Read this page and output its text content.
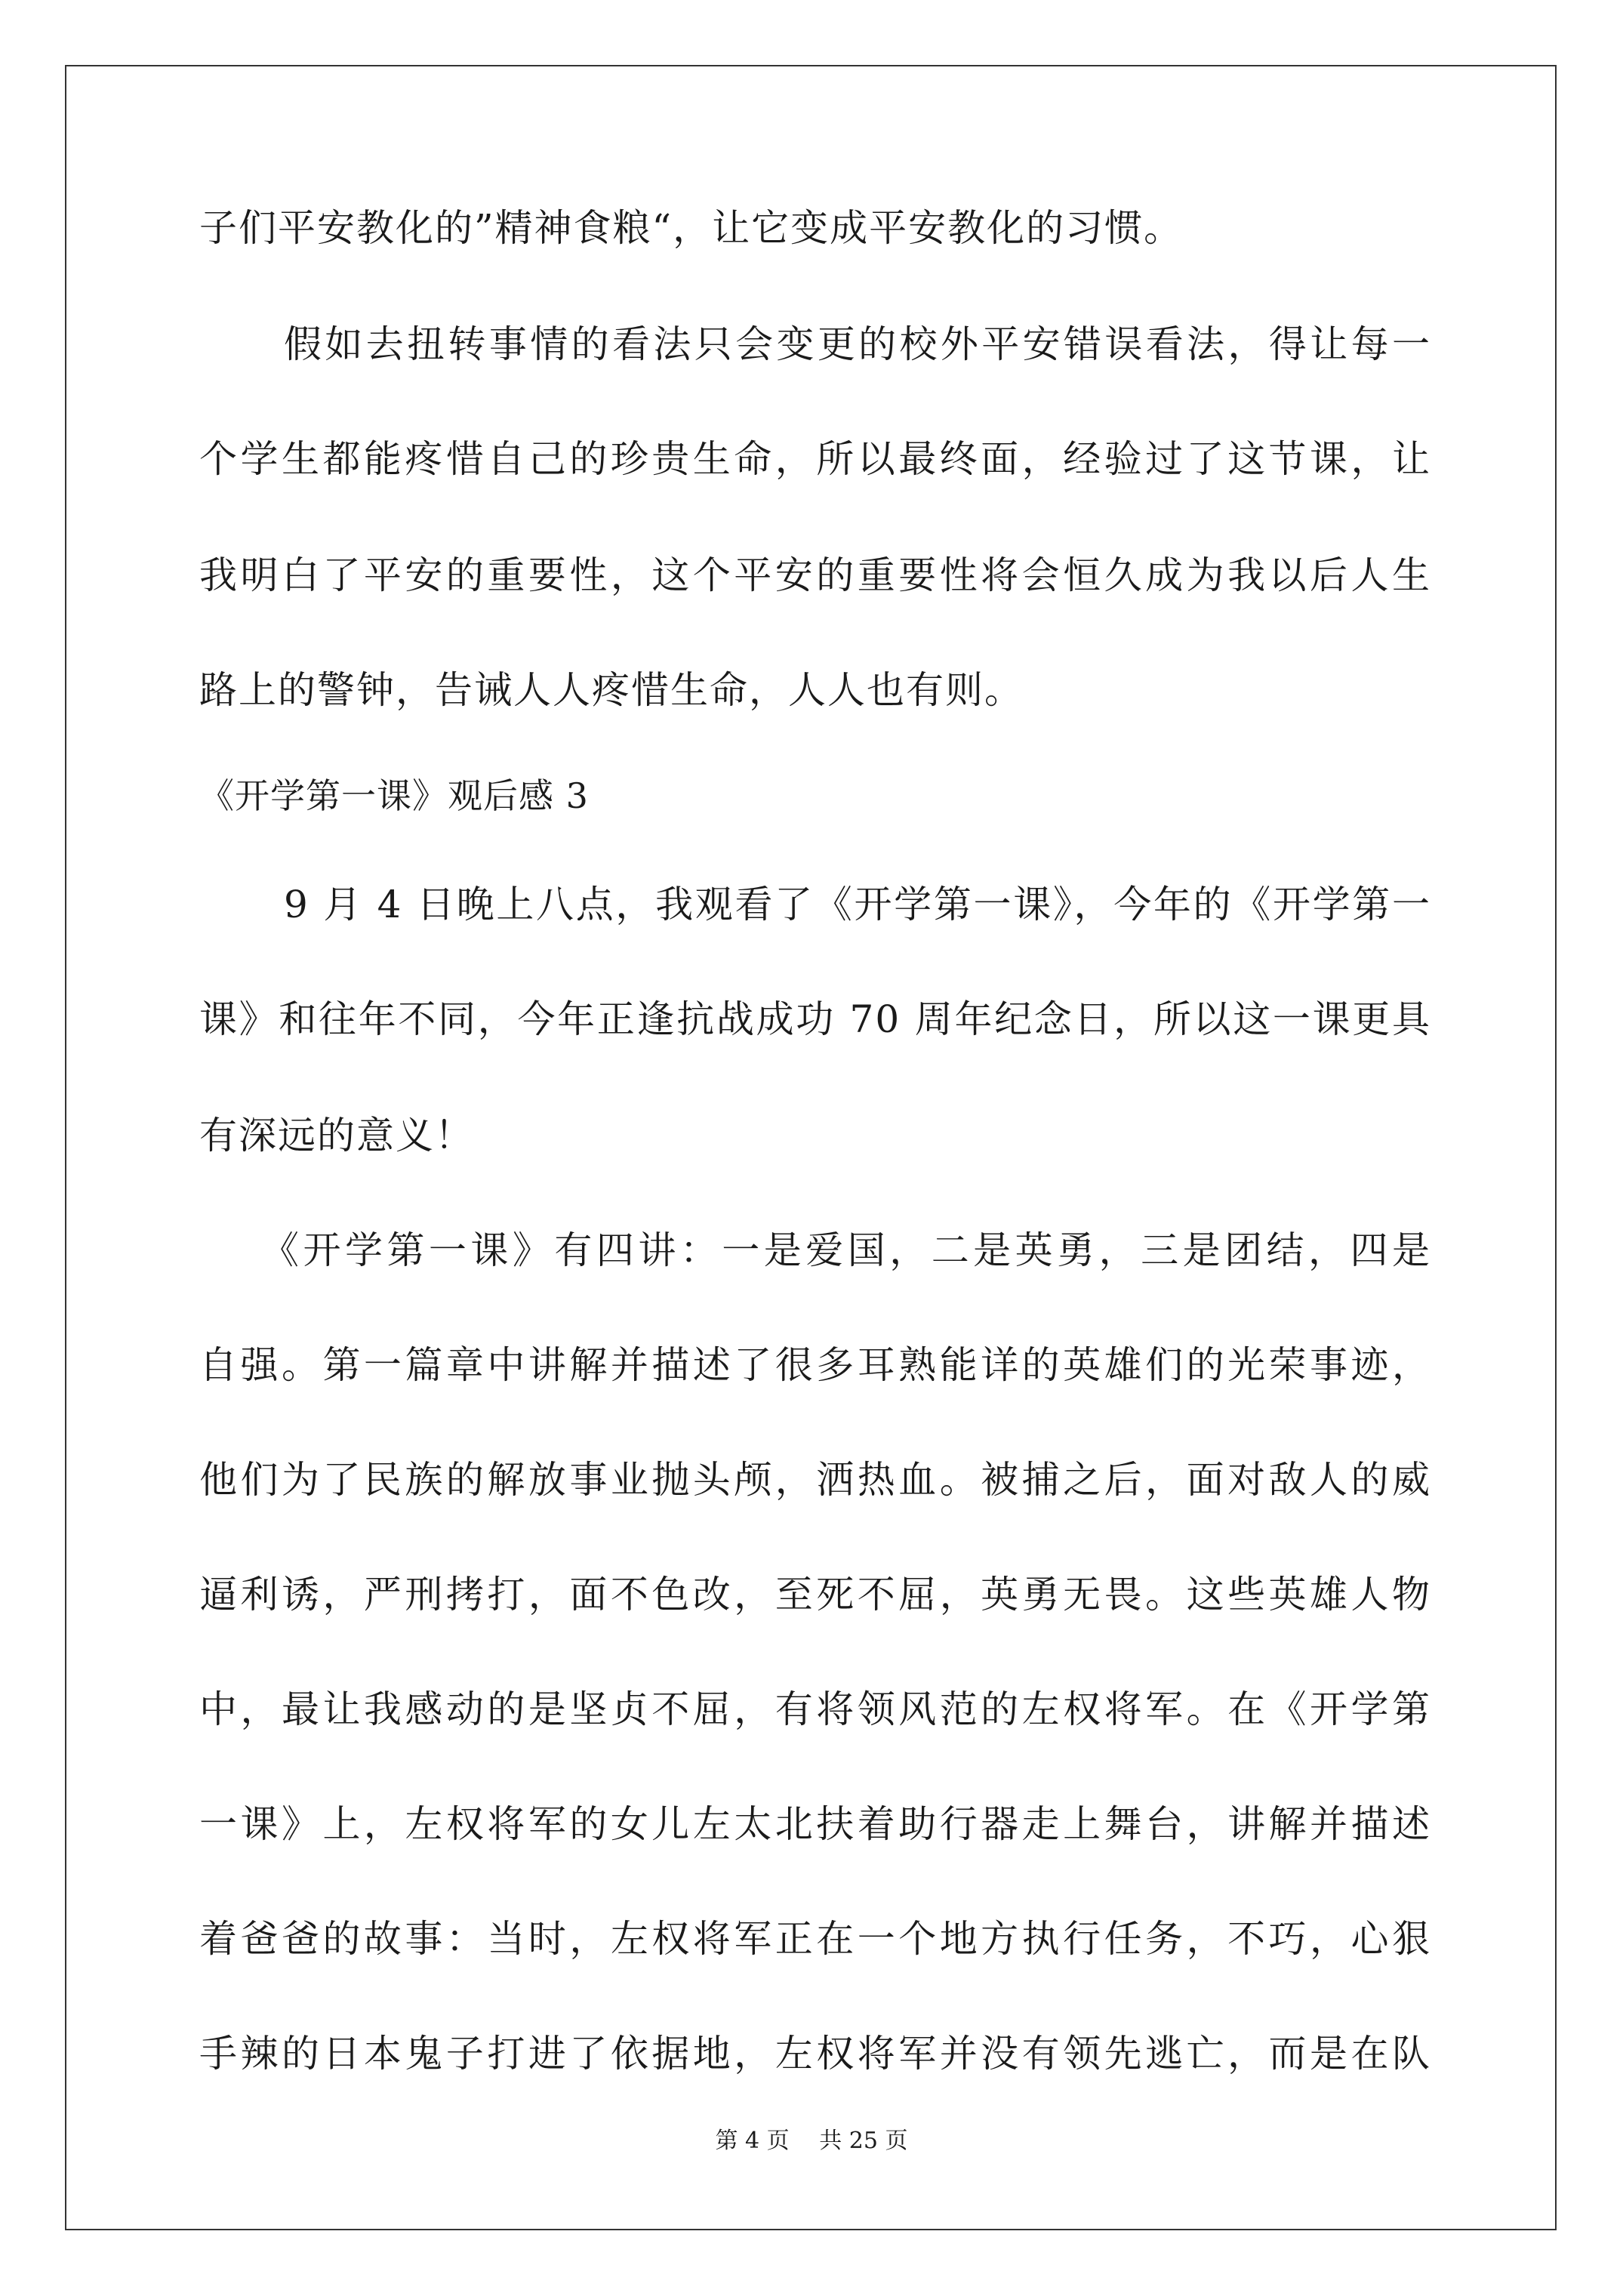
子们平安教化的”精神食粮“，让它变成平安教化的习惯。
假如去扭转事情的看法只会变更的校外平安错误看法，得让每一
个学生都能疼惜自己的珍贵生命，所以最终面，经验过了这节课，让
我明白了平安的重要性，这个平安的重要性将会恒久成为我以后人生
路上的警钟，告诫人人疼惜生命，人人也有则。
《开学第一课》观后感 3
9 月 4 日晚上八点，我观看了《开学第一课》，今年的《开学第一
课》和往年不同，今年正逢抗战成功 70 周年纪念日，所以这一课更具
有深远的意义！
《开学第一课》有四讲：一是爱国，二是英勇，三是团结，四是
自强。第一篇章中讲解并描述了很多耳熟能详的英雄们的光荣事迹，
他们为了民族的解放事业抛头颅，洒热血。被捕之后，面对敌人的威
逼利诱，严刑拷打，面不色改，至死不屈，英勇无畏。这些英雄人物
中，最让我感动的是坚贞不屈，有将领风范的左权将军。在《开学第
一课》上，左权将军的女儿左太北扶着助行器走上舞台，讲解并描述
着爸爸的故事：当时，左权将军正在一个地方执行任务，不巧，心狠
手辣的日本鬼子打进了依据地，左权将军并没有领先逃亡，而是在队
第 4 页　 共 25 页
